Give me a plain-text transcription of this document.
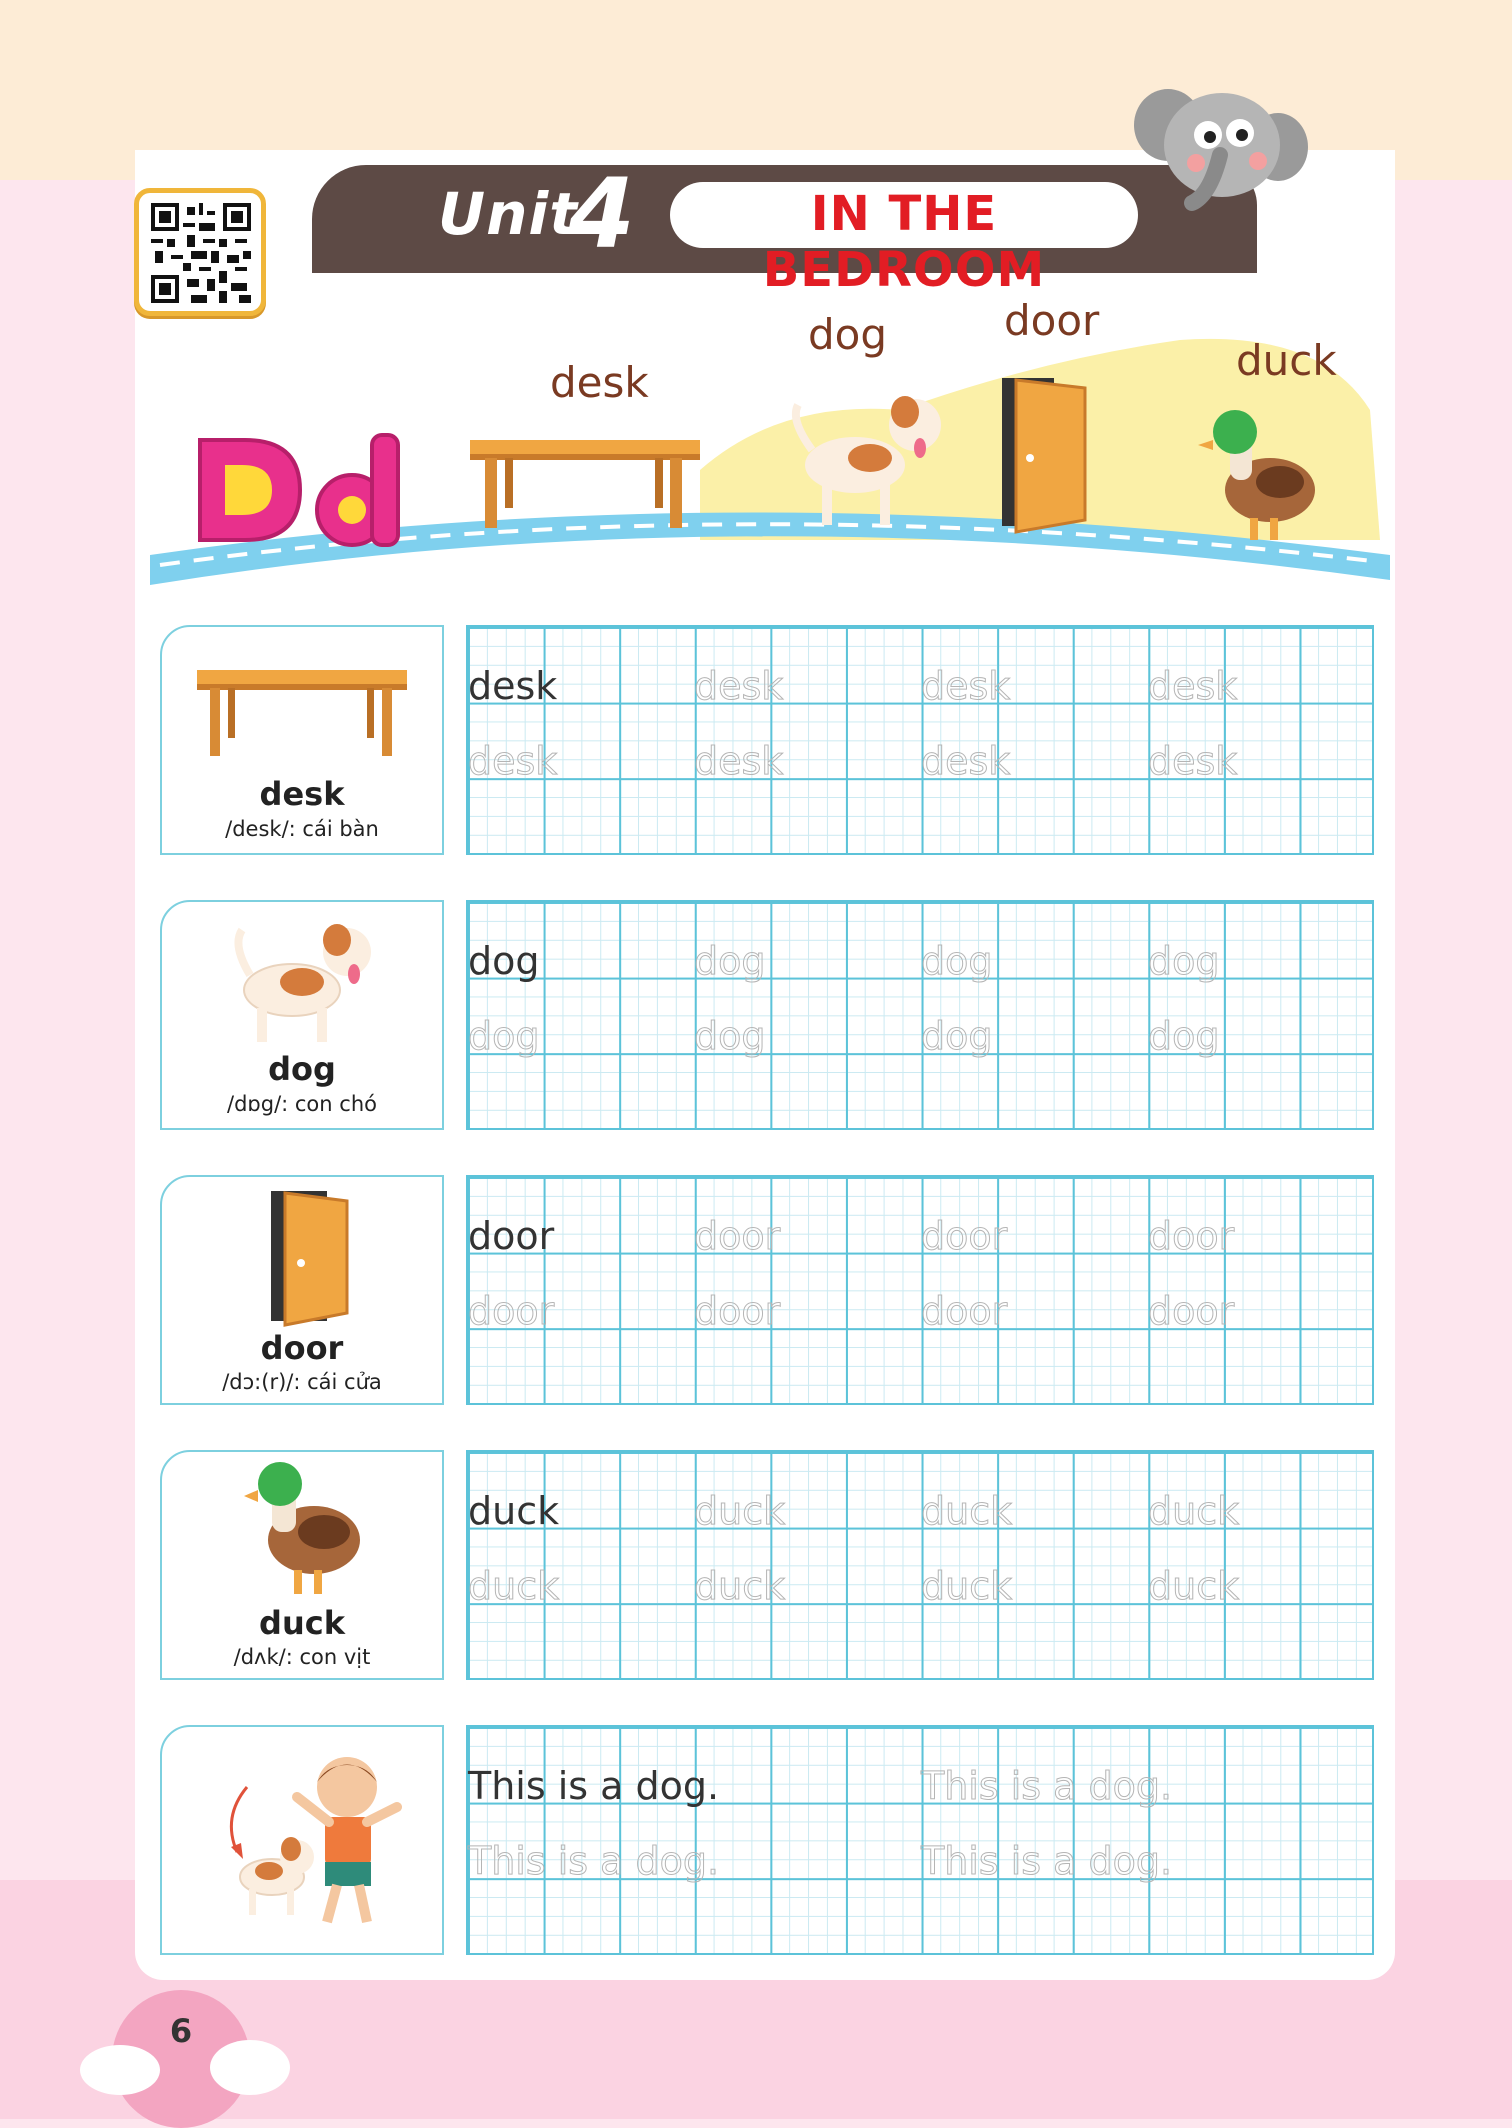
Unit
4	IN THE BEDROOM
desk
dog	door
duck
desk
/desk/: cái bàn
desk	desk	desk	desk
desk	desk	desk	desk
dog
/dɒg/: con chó
dog	dog	dog	dog
dog	dog	dog	dog
door
/dɔ:(r)/: cái cửa
door	door	door	door
door	door	door	door
duck
/dʌk/: con vịt
duck	duck	duck	duck
duck	duck	duck	duck
This is a dog.	This is a dog.
This is a dog.	This is a dog.
6
